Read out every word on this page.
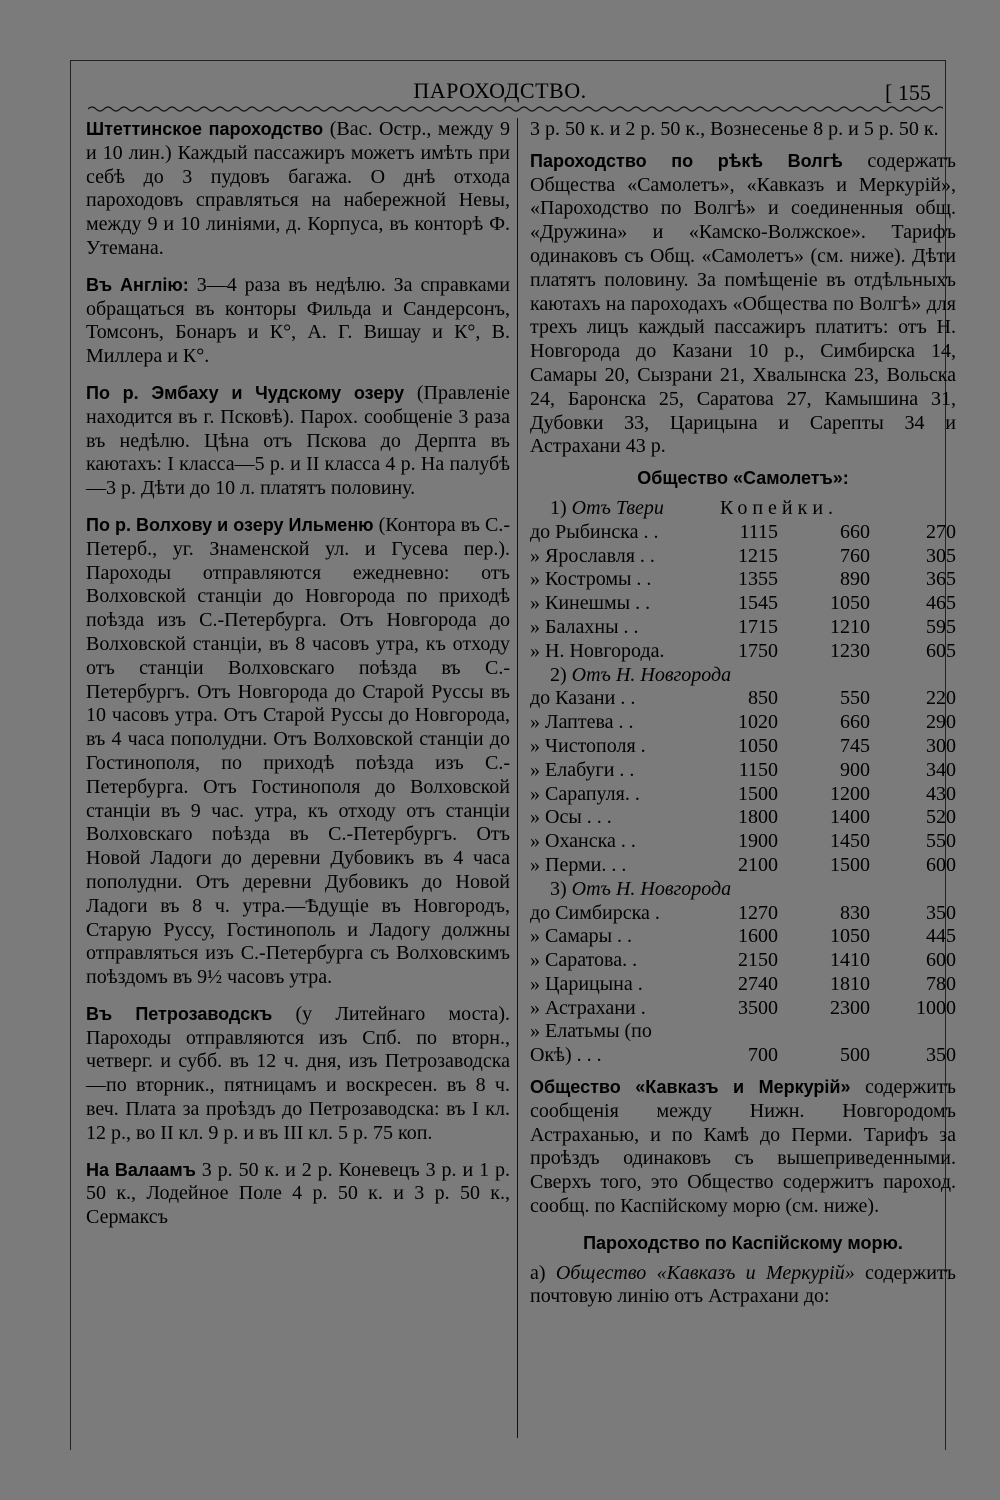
ПАРОХОДСТВО.	[ 155

Штеттинское пароходство (Вас. Остр., между 9 и 10 лин.) Каждый пассажиръ можетъ имѣть при себѣ до 3 пудовъ багажа. О днѣ отхода пароходовъ справляться на набережной Невы, между 9 и 10 линіями, д. Корпуса, въ конторѣ Ф. Утемана.

Въ Англію: 3—4 раза въ недѣлю. За справками обращаться въ конторы Фильда и Сандерсонъ, Томсонъ, Бонаръ и К°, А. Г. Вишау и К°, В. Миллера и К°.

По р. Эмбаху и Чудскому озеру (Правленіе находится въ г. Псковѣ). Парох. сообщеніе 3 раза въ недѣлю. Цѣна отъ Пскова до Дерпта въ каютахъ: I класса—5 р. и II класса 4 р. На палубѣ—3 р. Дѣти до 10 л. платятъ половину.

По р. Волхову и озеру Ильменю (Контора въ С.-Петерб., уг. Знаменской ул. и Гусева пер.). Пароходы отправляются ежедневно: отъ Волховской станціи до Новгорода по приходѣ поѣзда изъ С.-Петербурга. Отъ Новгорода до Волховской станціи, въ 8 часовъ утра, къ отходу отъ станціи Волховскаго поѣзда въ С.-Петербургъ. Отъ Новгорода до Старой Руссы въ 10 часовъ утра. Отъ Старой Руссы до Новгорода, въ 4 часа пополудни. Отъ Волховской станціи до Гостинополя, по приходѣ поѣзда изъ С.-Петербурга. Отъ Гостинополя до Волховской станціи въ 9 час. утра, къ отходу отъ станціи Волховскаго поѣзда въ С.-Петербургъ. Отъ Новой Ладоги до деревни Дубовикъ въ 4 часа пополудни. Отъ деревни Дубовикъ до Новой Ладоги въ 8 ч. утра.—Ѣдущіе въ Новгородъ, Старую Руссу, Гостинополь и Ладогу должны отправляться изъ С.-Петербурга съ Волховскимъ поѣздомъ въ 9½ часовъ утра.

Въ Петрозаводскъ (у Литейнаго моста). Пароходы отправляются изъ Спб. по вторн., четверг. и субб. въ 12 ч. дня, изъ Петрозаводска—по вторник., пятницамъ и воскресен. въ 8 ч. веч. Плата за проѣздъ до Петрозаводска: въ I кл. 12 р., во II кл. 9 р. и въ III кл. 5 р. 75 коп.

На Валаамъ 3 р. 50 к. и 2 р. Коневецъ 3 р. и 1 р. 50 к., Лодейное Поле 4 р. 50 к. и 3 р. 50 к., Сермаксъ

3 р. 50 к. и 2 р. 50 к., Вознесенье 8 р. и 5 р. 50 к.

Пароходство по рѣкѣ Волгѣ содержатъ Общества «Самолетъ», «Кавказъ и Меркурій», «Пароходство по Волгѣ» и соединенныя общ. «Дружина» и «Камско-Волжское». Тарифъ одинаковъ съ Общ. «Самолетъ» (см. ниже). Дѣти платятъ половину. За помѣщеніе въ отдѣльныхъ каютахъ на пароходахъ «Общества по Волгѣ» для трехъ лицъ каждый пассажиръ платитъ: отъ Н. Новгорода до Казани 10 р., Симбирска 14, Самары 20, Сызрани 21, Хвалынска 23, Вольска 24, Баронска 25, Саратова 27, Камышина 31, Дубовки 33, Царицына и Сарепты 34 и Астрахани 43 р.

Общество «Самолетъ»:
1) Отъ Твери	Копейки.		
до Рыбинска . .	1115	660	270
» Ярославля . .	1215	760	305
» Костромы . .	1355	890	365
» Кинешмы . .	1545	1050	465
» Балахны . .	1715	1210	595
» Н. Новгорода.	1750	1230	605
2) Отъ Н. Новгорода			
до Казани . .	850	550	220
» Лаптева . .	1020	660	290
» Чистополя .	1050	745	300
» Елабуги . .	1150	900	340
» Сарапуля. .	1500	1200	430
» Осы . . .	1800	1400	520
» Оханска . .	1900	1450	550
» Перми. . .	2100	1500	600
3) Отъ Н. Новгорода			
до Симбирска .	1270	830	350
» Самары . .	1600	1050	445
» Саратова. .	2150	1410	600
» Царицына .	2740	1810	780
» Астрахани .	3500	2300	1000
» Елатьмы (по			
Окѣ) . . .	700	500	350

Общество «Кавказъ и Меркурій» содержитъ сообщенія между Нижн. Новгородомъ Астраханью, и по Камѣ до Перми. Тарифъ за проѣздъ одинаковъ съ вышеприведенными. Сверхъ того, это Общество содержитъ пароход. сообщ. по Каспійскому морю (см. ниже).

Пароходство по Каспійскому морю.

а) Общество «Кавказъ и Меркурій» содержитъ почтовую линію отъ Астрахани до:
